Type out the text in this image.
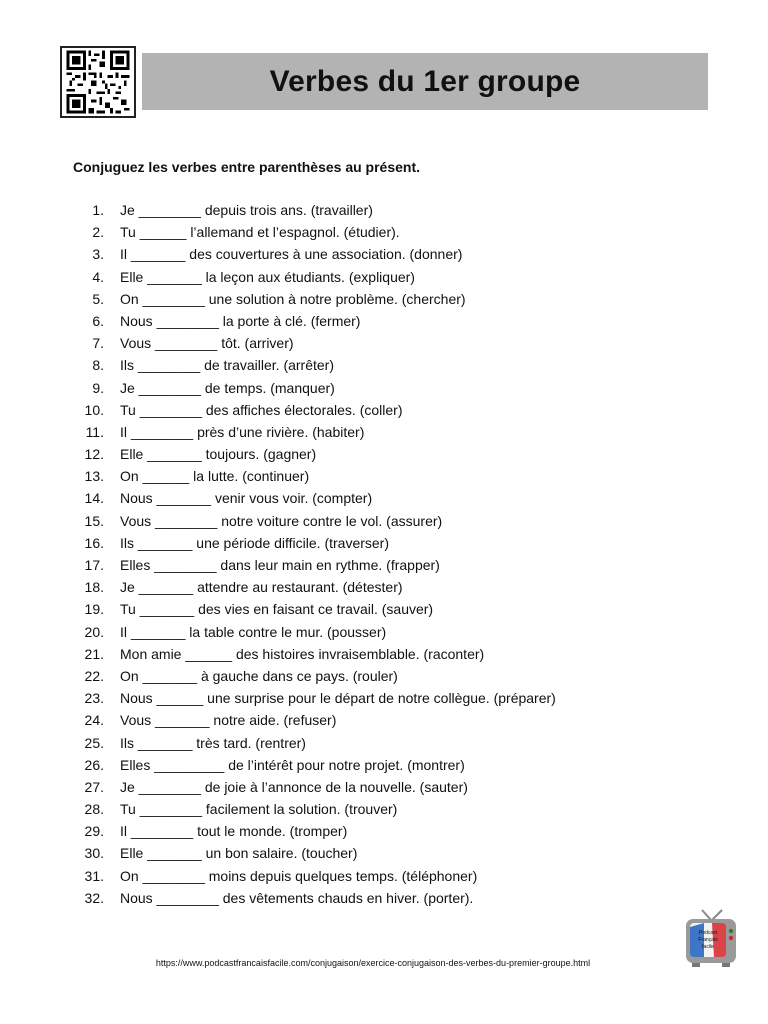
Verbes du 1er groupe
Conjuguez les verbes entre parenthèses au présent.
1. Je ________ depuis trois ans. (travailler)
2. Tu ______ l’allemand et l’espagnol. (étudier).
3. Il _______ des couvertures à une association. (donner)
4. Elle _______ la leçon aux étudiants. (expliquer)
5. On ________ une solution à notre problème. (chercher)
6. Nous ________ la porte à clé. (fermer)
7. Vous ________ tôt. (arriver)
8. Ils ________ de travailler. (arrêter)
9. Je ________ de temps. (manquer)
10. Tu ________ des affiches électorales. (coller)
11. Il ________ près d’une rivière. (habiter)
12. Elle _______ toujours. (gagner)
13. On ______ la lutte. (continuer)
14. Nous _______ venir vous voir. (compter)
15. Vous ________ notre voiture contre le vol. (assurer)
16. Ils _______ une période difficile. (traverser)
17. Elles ________ dans leur main en rythme. (frapper)
18. Je _______ attendre au restaurant. (détester)
19. Tu _______ des vies en faisant ce travail. (sauver)
20. Il _______ la table contre le mur. (pousser)
21. Mon amie ______ des histoires invraisemblable. (raconter)
22. On _______ à gauche dans ce pays. (rouler)
23. Nous ______ une surprise pour le départ de notre collègue. (préparer)
24. Vous _______ notre aide. (refuser)
25. Ils _______ très tard. (rentrer)
26. Elles _________ de l’intérêt pour notre projet. (montrer)
27. Je ________ de joie à l’annonce de la nouvelle. (sauter)
28. Tu ________ facilement la solution. (trouver)
29. Il ________ tout le monde. (tromper)
30. Elle _______ un bon salaire. (toucher)
31. On ________ moins depuis quelques temps. (téléphoner)
32. Nous ________ des vêtements chauds en hiver. (porter).
Podcast
Français
facile
https://www.podcastfrancaisfacile.com/conjugaison/exercice-conjugaison-des-verbes-du-premier-groupe.html
